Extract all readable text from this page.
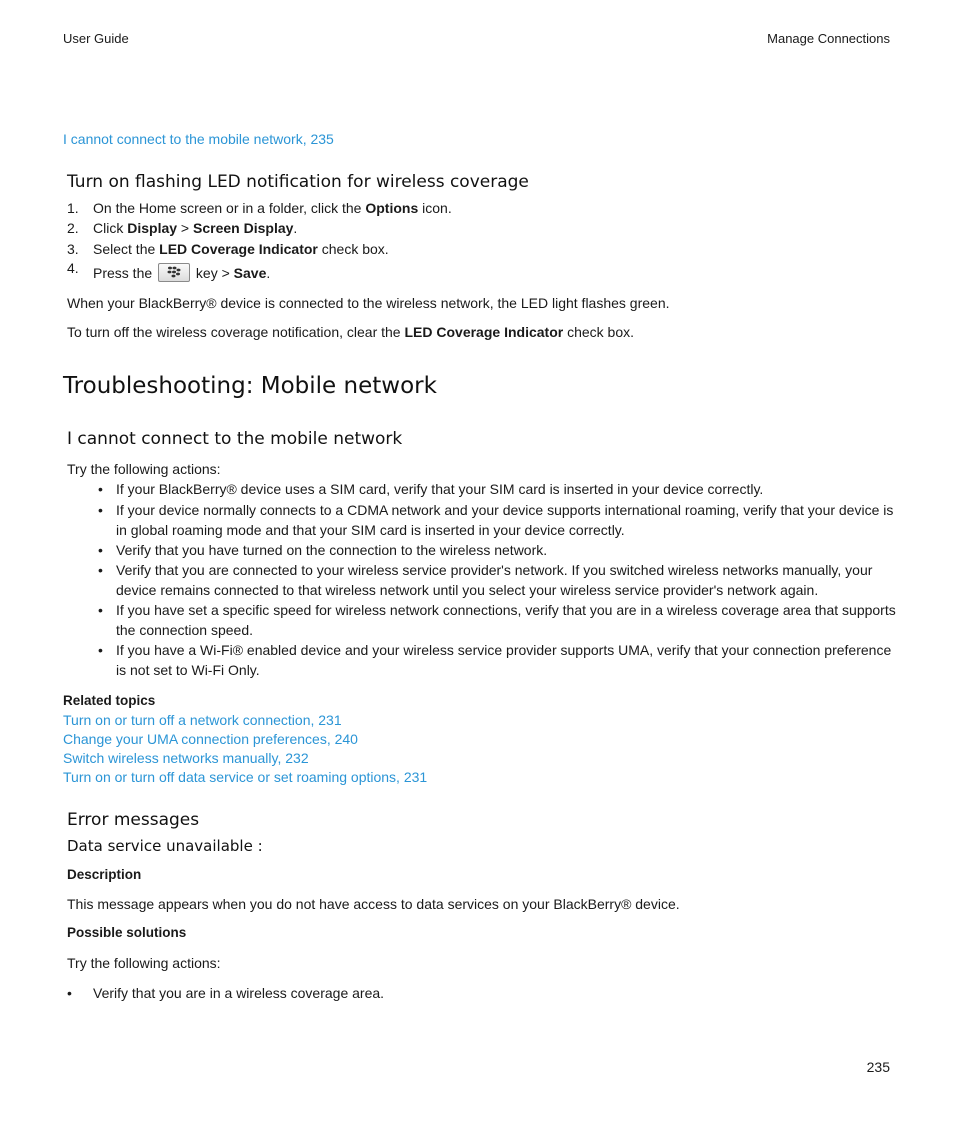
User Guide	Manage Connections
I cannot connect to the mobile network, 235
Turn on flashing LED notification for wireless coverage
1. On the Home screen or in a folder, click the Options icon.
2. Click Display > Screen Display.
3. Select the LED Coverage Indicator check box.
4. Press the	key > Save.
When your BlackBerry® device is connected to the wireless network, the LED light flashes green.
To turn off the wireless coverage notification, clear the LED Coverage Indicator check box.
Troubleshooting: Mobile network
I cannot connect to the mobile network
Try the following actions:
• If your BlackBerry® device uses a SIM card, verify that your SIM card is inserted in your device correctly.
• If your device normally connects to a CDMA network and your device supports international roaming, verify that your device is in global roaming mode and that your SIM card is inserted in your device correctly.
• Verify that you have turned on the connection to the wireless network.
• Verify that you are connected to your wireless service provider's network. If you switched wireless networks manually, your device remains connected to that wireless network until you select your wireless service provider's network again.
• If you have set a specific speed for wireless network connections, verify that you are in a wireless coverage area that supports the connection speed.
• If you have a Wi-Fi® enabled device and your wireless service provider supports UMA, verify that your connection preference is not set to Wi-Fi Only.
Related topics
Turn on or turn off a network connection, 231
Change your UMA connection preferences, 240
Switch wireless networks manually, 232
Turn on or turn off data service or set roaming options, 231
Error messages
Data service unavailable :
Description
This message appears when you do not have access to data services on your BlackBerry® device.
Possible solutions
Try the following actions:
• Verify that you are in a wireless coverage area.
235
